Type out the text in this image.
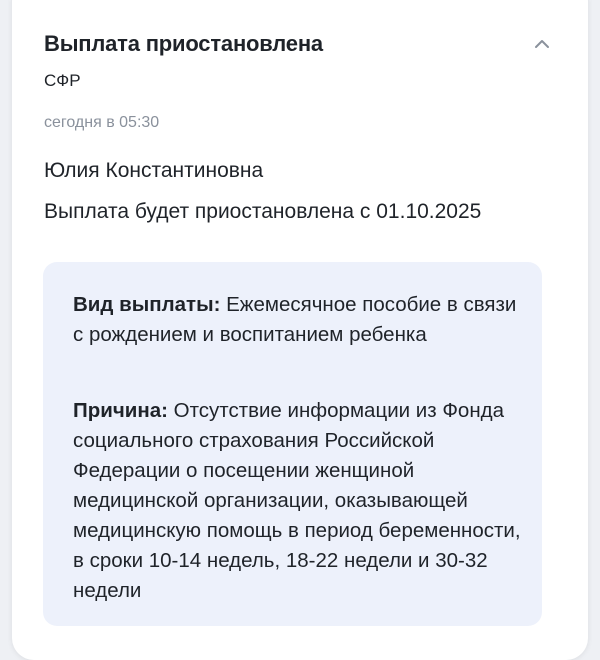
Выплата приостановлена
СФР
сегодня в 05:30
Юлия Константиновна
Выплата будет приостановлена с 01.10.2025
Вид выплаты: Ежемесячное пособие в связи с рождением и воспитанием ребенка
Причина: Отсутствие информации из Фонда социального страхования Российской Федерации о посещении женщиной медицинской организации, оказывающей медицинскую помощь в период беременности, в сроки 10-14 недель, 18-22 недели и 30-32 недели
